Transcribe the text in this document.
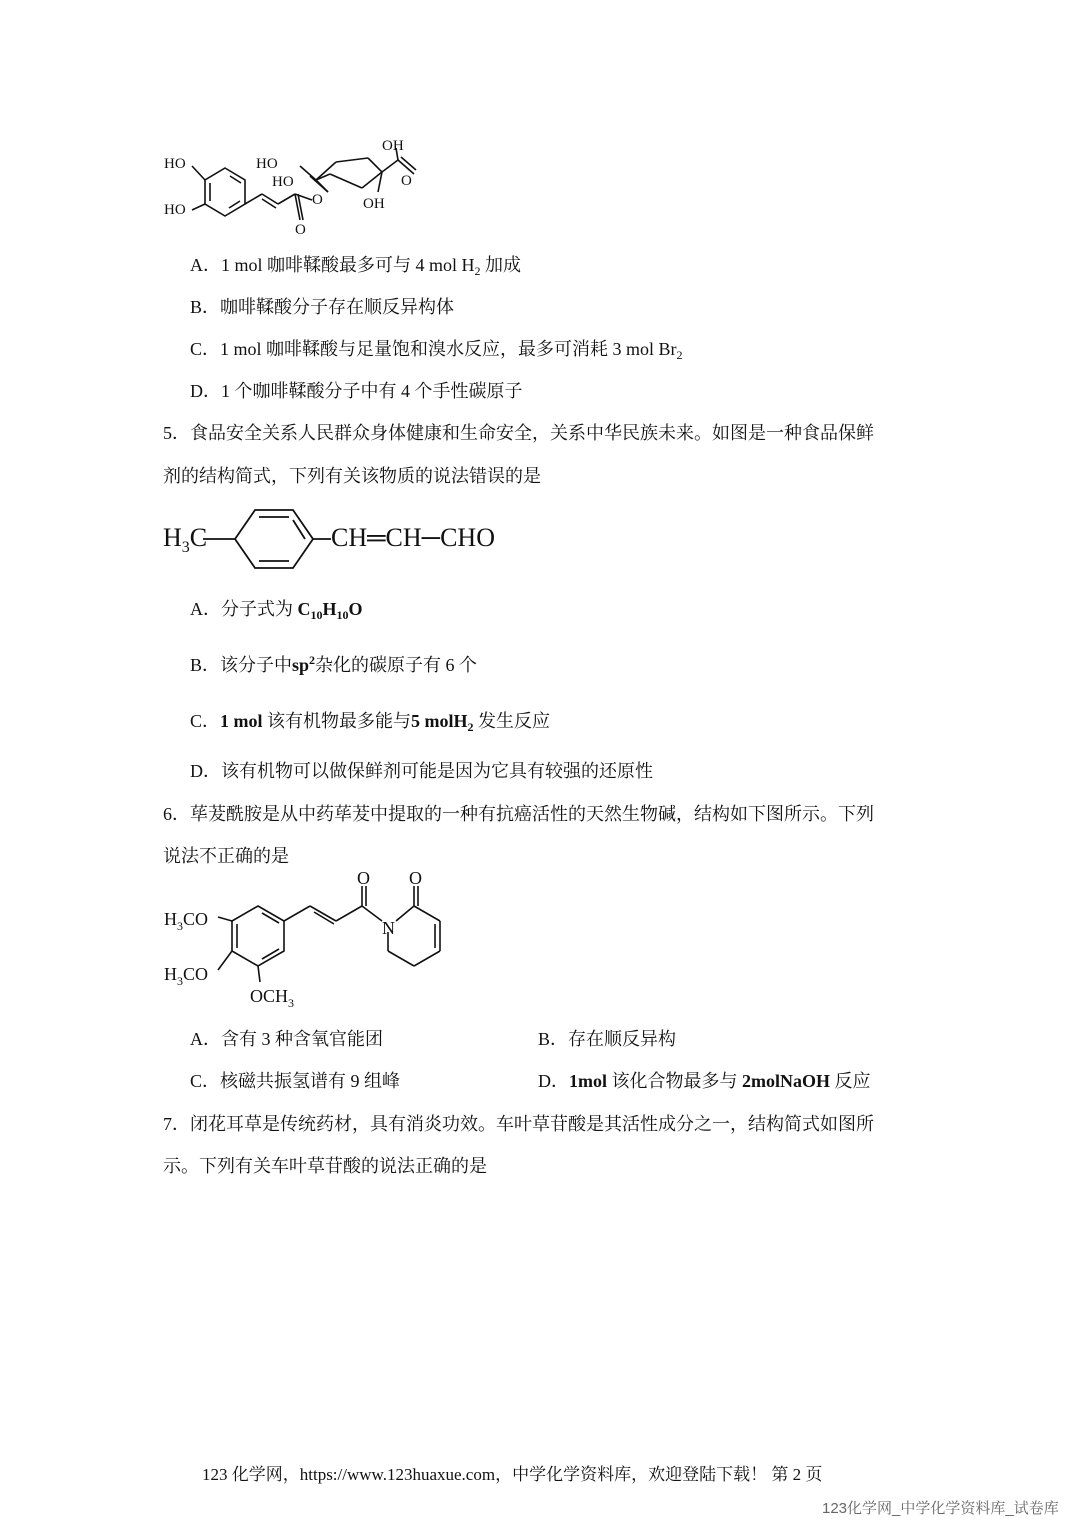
HO
HO
HO
HO
O
O
OH
O
OH
A．1 mol 咖啡鞣酸最多可与 4 mol $H_2$ 加成
B．咖啡鞣酸分子存在顺反异构体
C．1 mol 咖啡鞣酸与足量饱和溴水反应，最多可消耗 3 mol $Br_2$
D．1 个咖啡鞣酸分子中有 4 个手性碳原子
5．食品安全关系人民群众身体健康和生命安全，关系中华民族未来。如图是一种食品保鲜
剂的结构简式，下列有关该物质的说法错误的是
$H_3C$	CH═CH─CHO
A．分子式为 $C_{10}H_{10}O$
B．该分子中$sp^2$杂化的碳原子有 6 个
C．1 mol 该有机物最多能与5 molH$_2$ 发生反应
D．该有机物可以做保鲜剂可能是因为它具有较强的还原性
6．荜茇酰胺是从中药荜茇中提取的一种有抗癌活性的天然生物碱，结构如下图所示。下列
说法不正确的是
$H_3CO$
$H_3CO$
$OCH_3$
O O
N
A．含有 3 种含氧官能团	B．存在顺反异构
C．核磁共振氢谱有 9 组峰	D．1mol 该化合物最多与 2molNaOH 反应
7．闭花耳草是传统药材，具有消炎功效。车叶草苷酸是其活性成分之一，结构简式如图所
示。下列有关车叶草苷酸的说法正确的是
123 化学网，https://www.123huaxue.com，中学化学资料库，欢迎登陆下载！ 第 2 页
123化学网_中学化学资料库_试卷库
